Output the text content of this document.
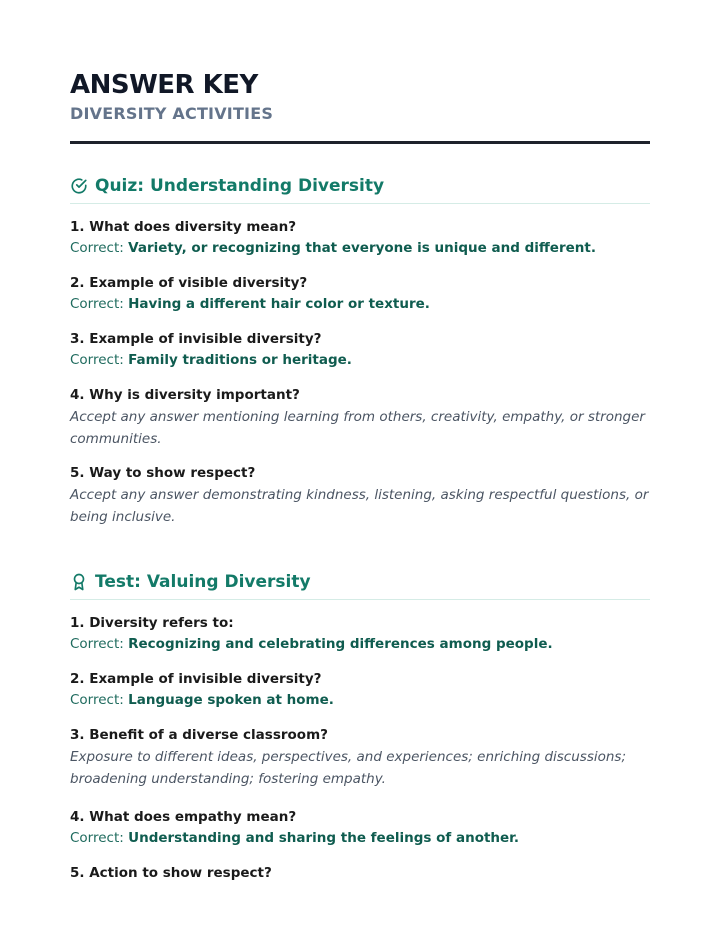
ANSWER KEY
DIVERSITY ACTIVITIES
Quiz: Understanding Diversity
1. What does diversity mean?
Correct: Variety, or recognizing that everyone is unique and different.
2. Example of visible diversity?
Correct: Having a different hair color or texture.
3. Example of invisible diversity?
Correct: Family traditions or heritage.
4. Why is diversity important?
Accept any answer mentioning learning from others, creativity, empathy, or stronger communities.
5. Way to show respect?
Accept any answer demonstrating kindness, listening, asking respectful questions, or being inclusive.
Test: Valuing Diversity
1. Diversity refers to:
Correct: Recognizing and celebrating differences among people.
2. Example of invisible diversity?
Correct: Language spoken at home.
3. Benefit of a diverse classroom?
Exposure to different ideas, perspectives, and experiences; enriching discussions; broadening understanding; fostering empathy.
4. What does empathy mean?
Correct: Understanding and sharing the feelings of another.
5. Action to show respect?
